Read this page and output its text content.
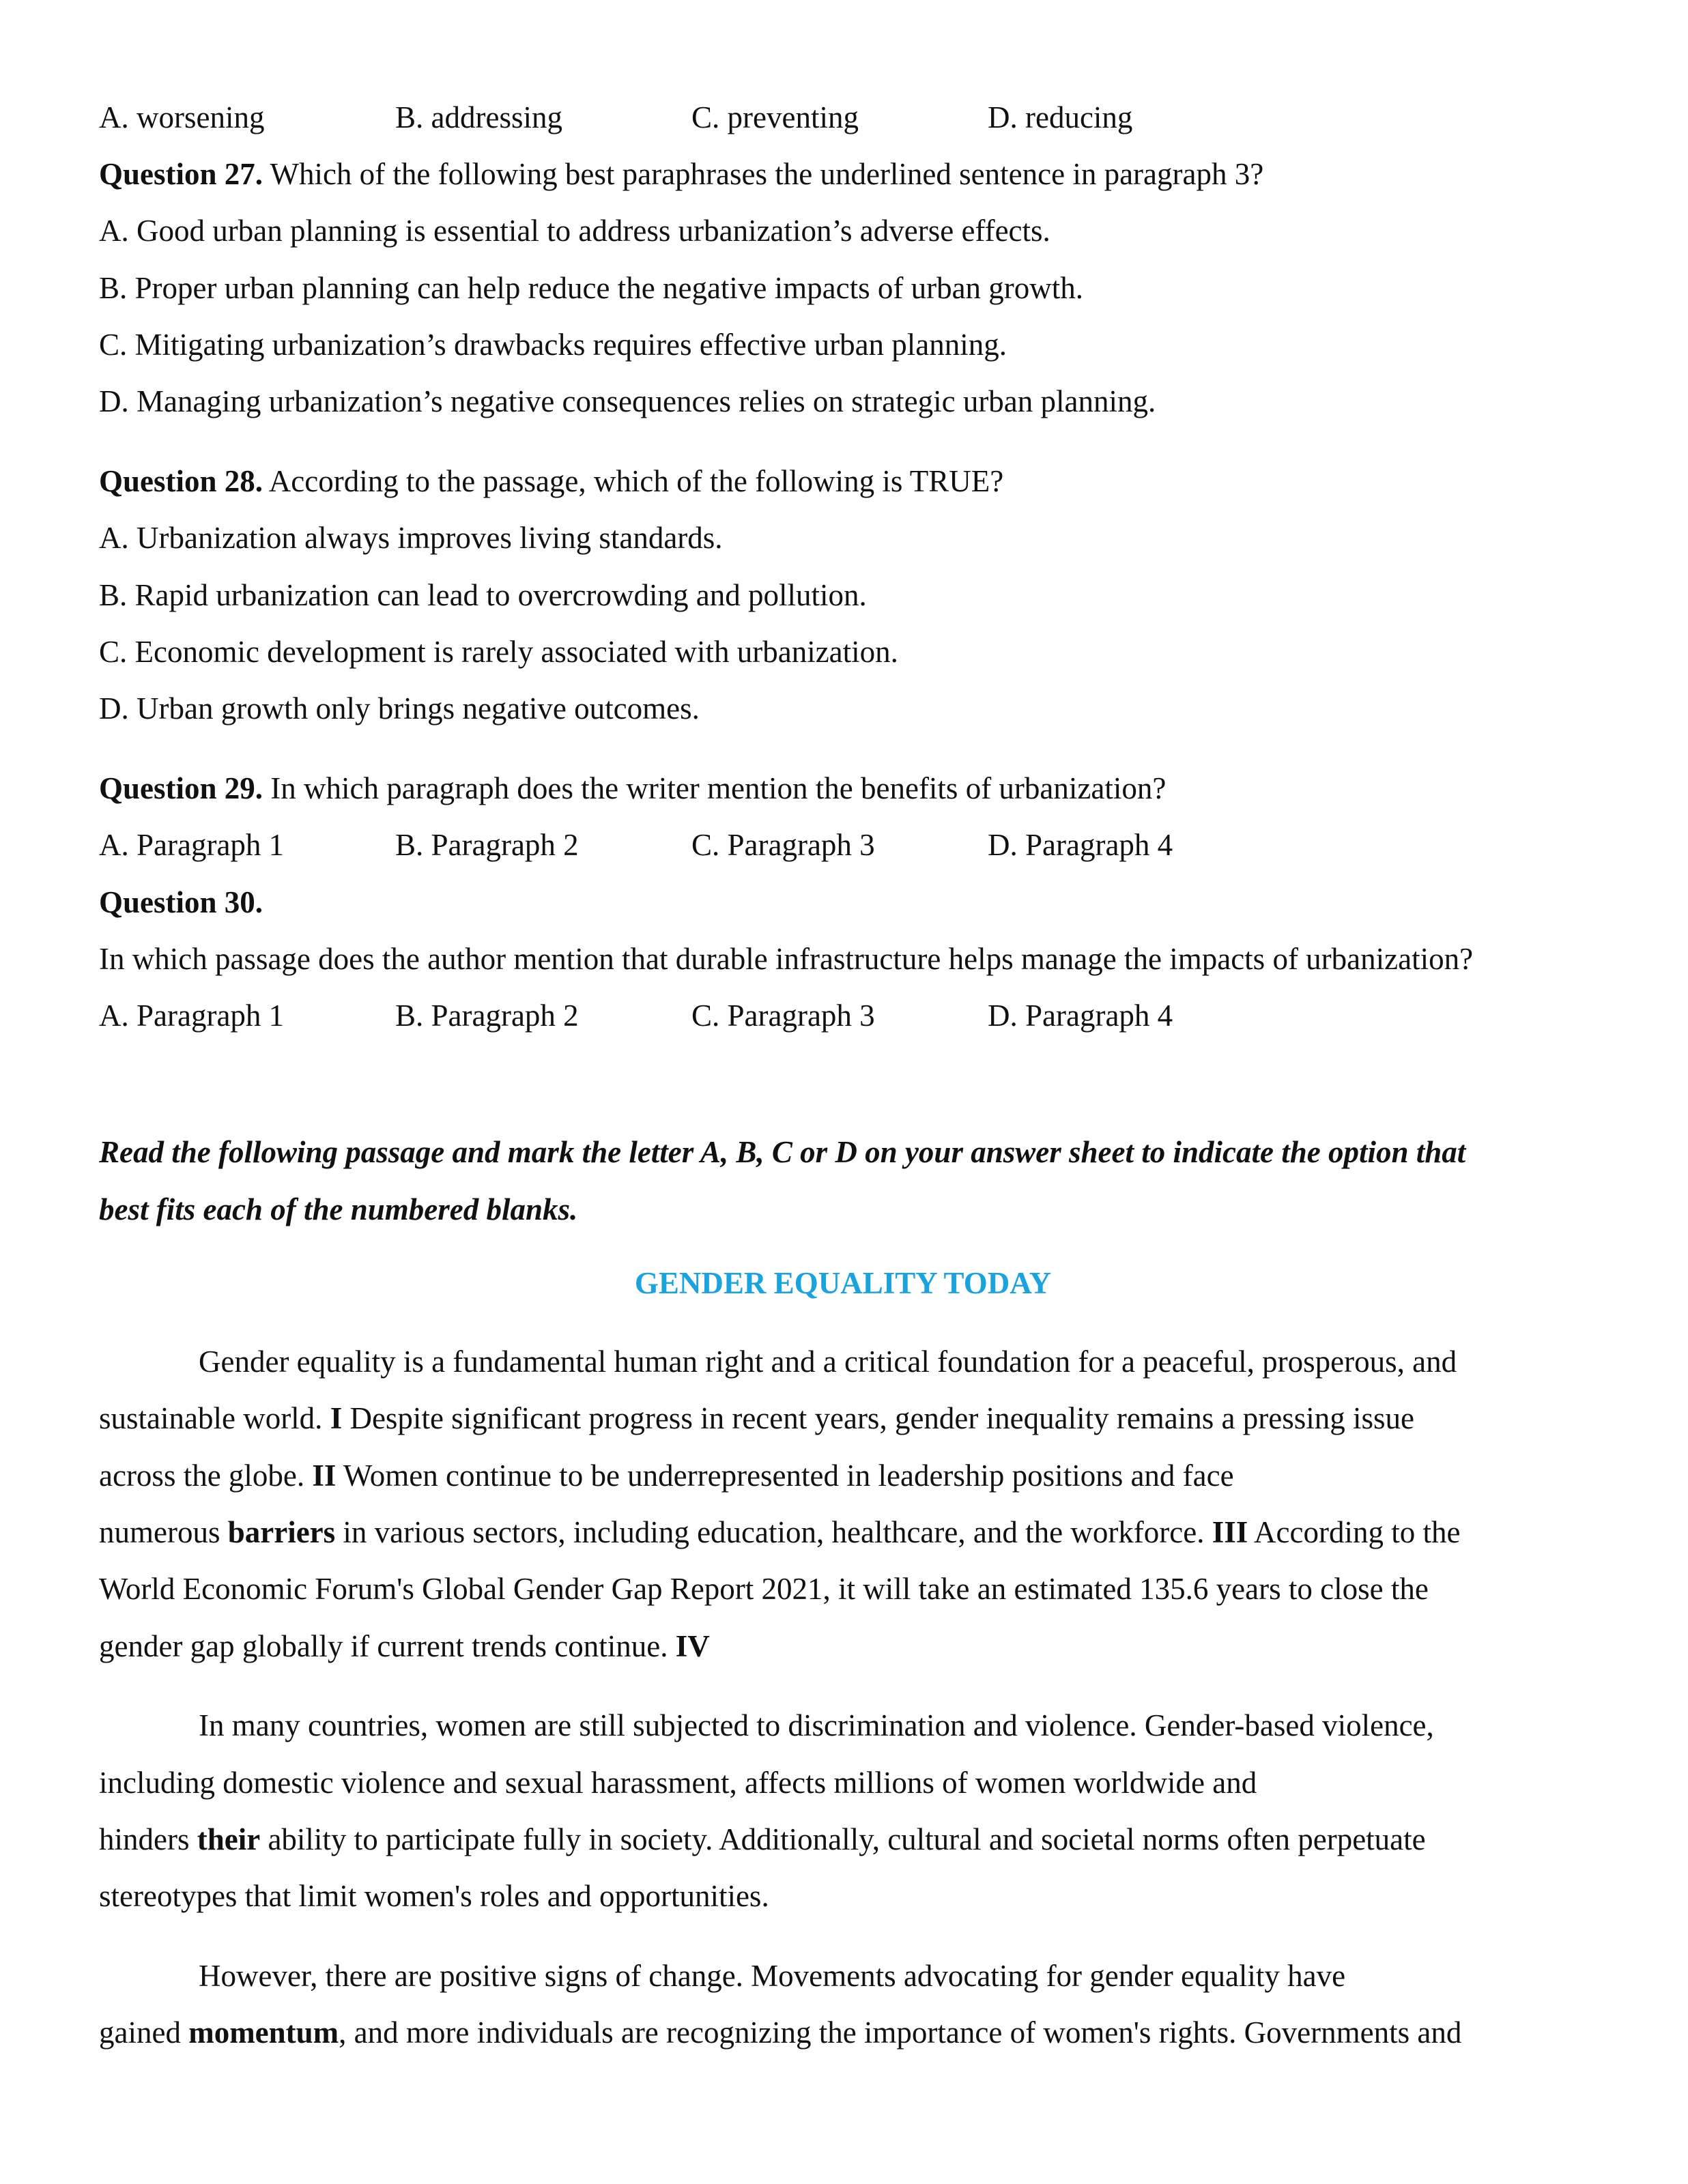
A. worsening	B. addressing	C. preventing	D. reducing
Question 27. Which of the following best paraphrases the underlined sentence in paragraph 3?
A. Good urban planning is essential to address urbanization’s adverse effects.
B. Proper urban planning can help reduce the negative impacts of urban growth.
C. Mitigating urbanization’s drawbacks requires effective urban planning.
D. Managing urbanization’s negative consequences relies on strategic urban planning.
Question 28. According to the passage, which of the following is TRUE?
A. Urbanization always improves living standards.
B. Rapid urbanization can lead to overcrowding and pollution.
C. Economic development is rarely associated with urbanization.
D. Urban growth only brings negative outcomes.
Question 29. In which paragraph does the writer mention the benefits of urbanization?
A. Paragraph 1	B. Paragraph 2	C. Paragraph 3	D. Paragraph 4
Question 30.
In which passage does the author mention that durable infrastructure helps manage the impacts of urbanization?
A. Paragraph 1	B. Paragraph 2	C. Paragraph 3	D. Paragraph 4
Read the following passage and mark the letter A, B, C or D on your answer sheet to indicate the option that
best fits each of the numbered blanks.
GENDER EQUALITY TODAY
Gender equality is a fundamental human right and a critical foundation for a peaceful, prosperous, and
sustainable world. I Despite significant progress in recent years, gender inequality remains a pressing issue
across the globe. II Women continue to be underrepresented in leadership positions and face
numerous barriers in various sectors, including education, healthcare, and the workforce. III According to the
World Economic Forum's Global Gender Gap Report 2021, it will take an estimated 135.6 years to close the
gender gap globally if current trends continue. IV
In many countries, women are still subjected to discrimination and violence. Gender-based violence,
including domestic violence and sexual harassment, affects millions of women worldwide and
hinders their ability to participate fully in society. Additionally, cultural and societal norms often perpetuate
stereotypes that limit women's roles and opportunities.
However, there are positive signs of change. Movements advocating for gender equality have
gained momentum, and more individuals are recognizing the importance of women's rights. Governments and
